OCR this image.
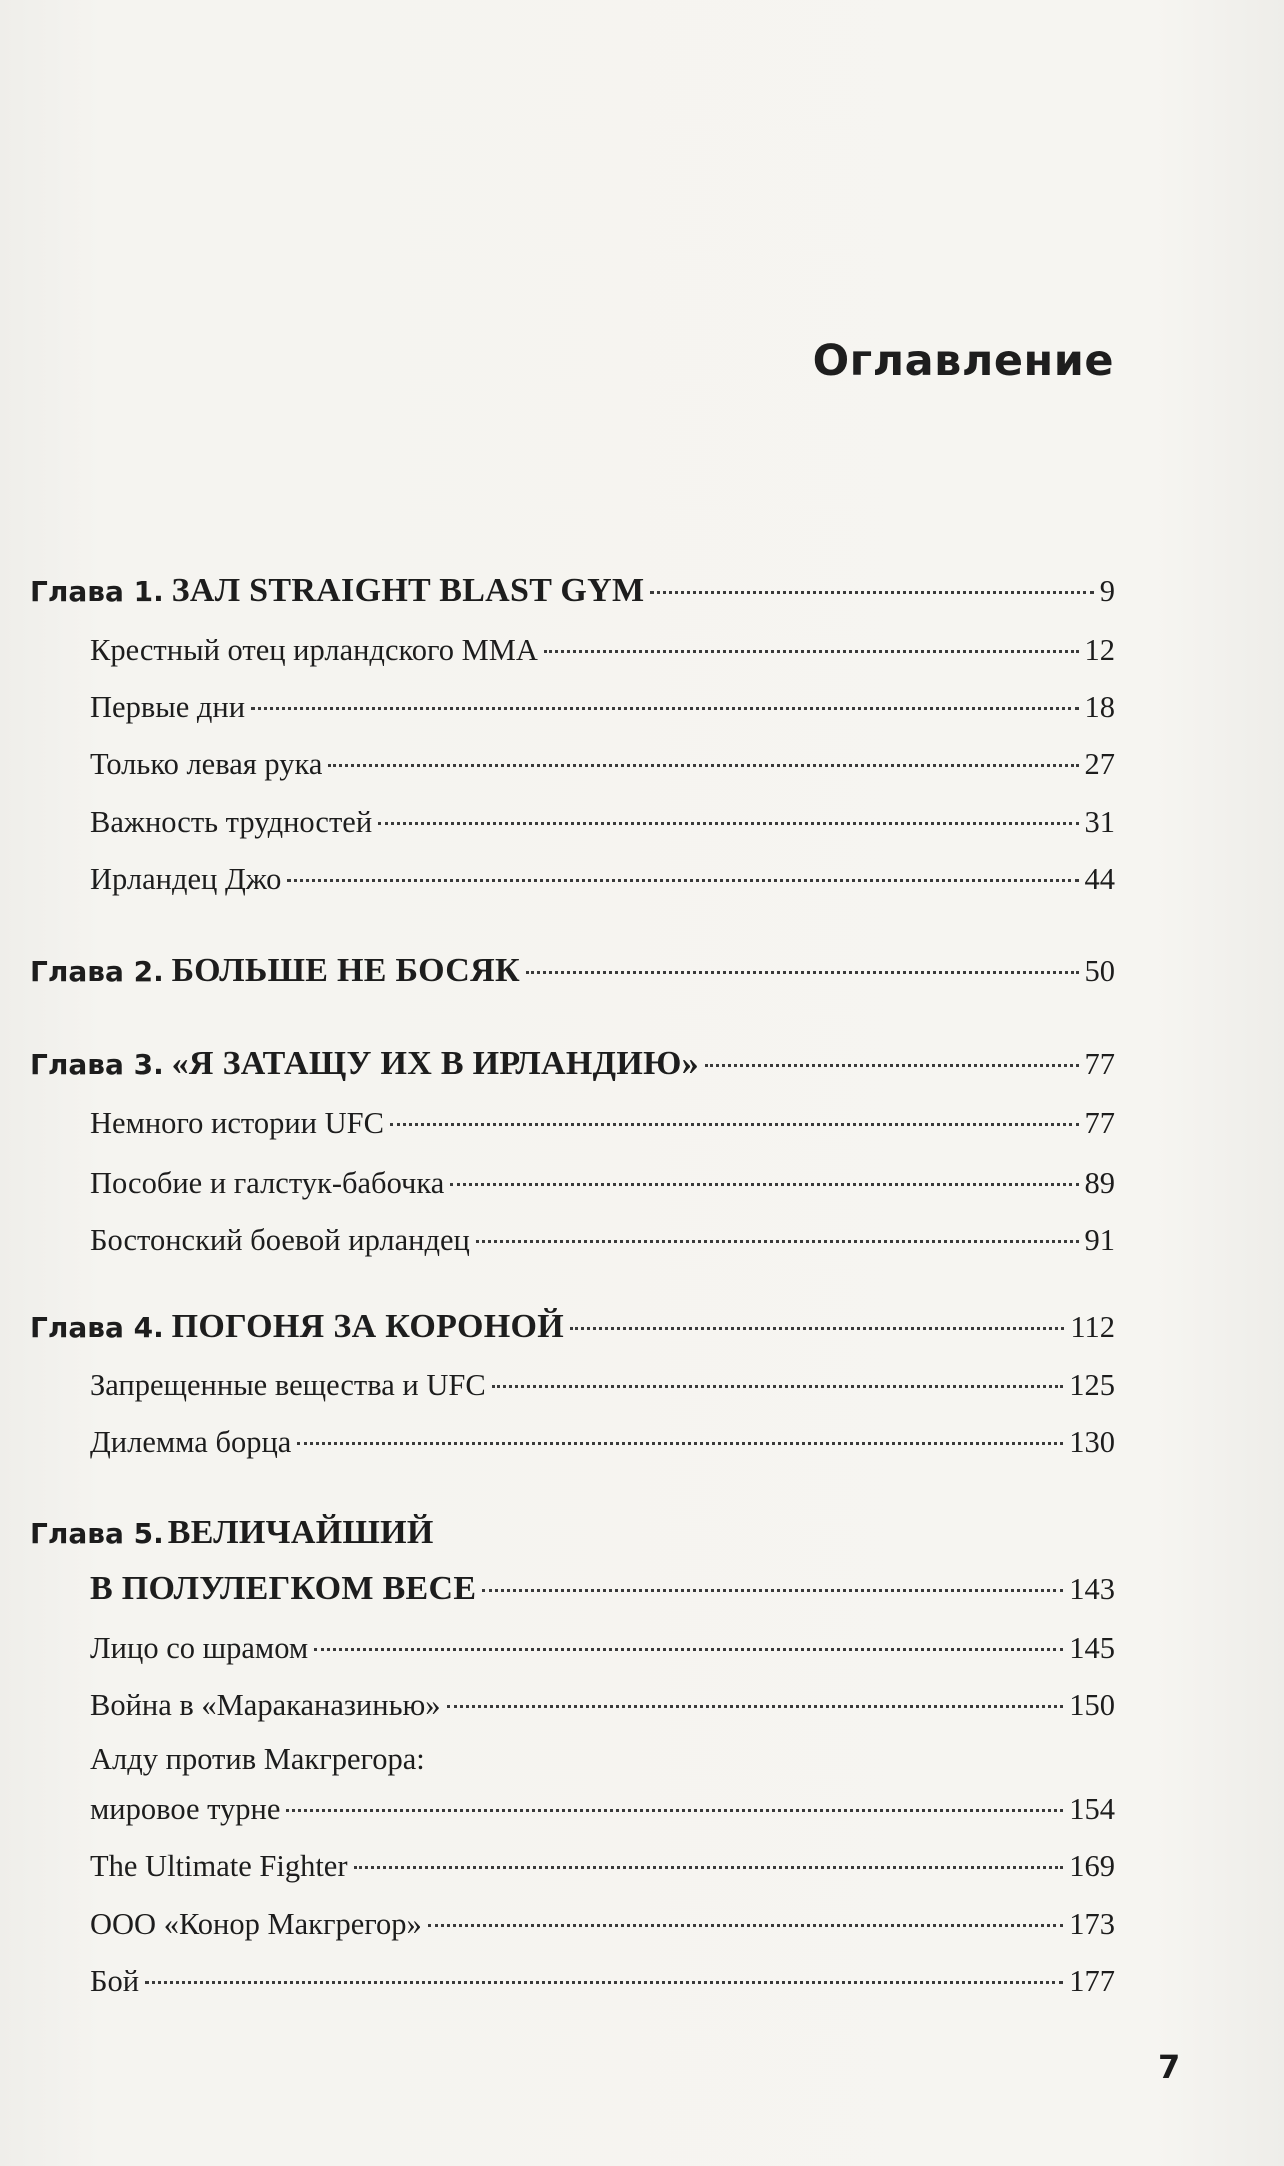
Оглавление
Глава 1. ЗАЛ STRAIGHT BLAST GYM	9
Крестный отец ирландского ММА	12
Первые дни	18
Только левая рука	27
Важность трудностей	31
Ирландец Джо	44
Глава 2. БОЛЬШЕ НЕ БОСЯК	50
Глава 3. «Я ЗАТАЩУ ИХ В ИРЛАНДИЮ»	77
Немного истории UFC	77
Пособие и галстук-бабочка	89
Бостонский боевой ирландец	91
Глава 4. ПОГОНЯ ЗА КОРОНОЙ	112
Запрещенные вещества и UFC	125
Дилемма борца	130
Глава 5. ВЕЛИЧАЙШИЙ
В ПОЛУЛЕГКОМ ВЕСЕ	143
Лицо со шрамом	145
Война в «Мараканазинью»	150
Алду против Макгрегора:
мировое турне	154
The Ultimate Fighter	169
ООО «Конор Макгрегор»	173
Бой	177
7
